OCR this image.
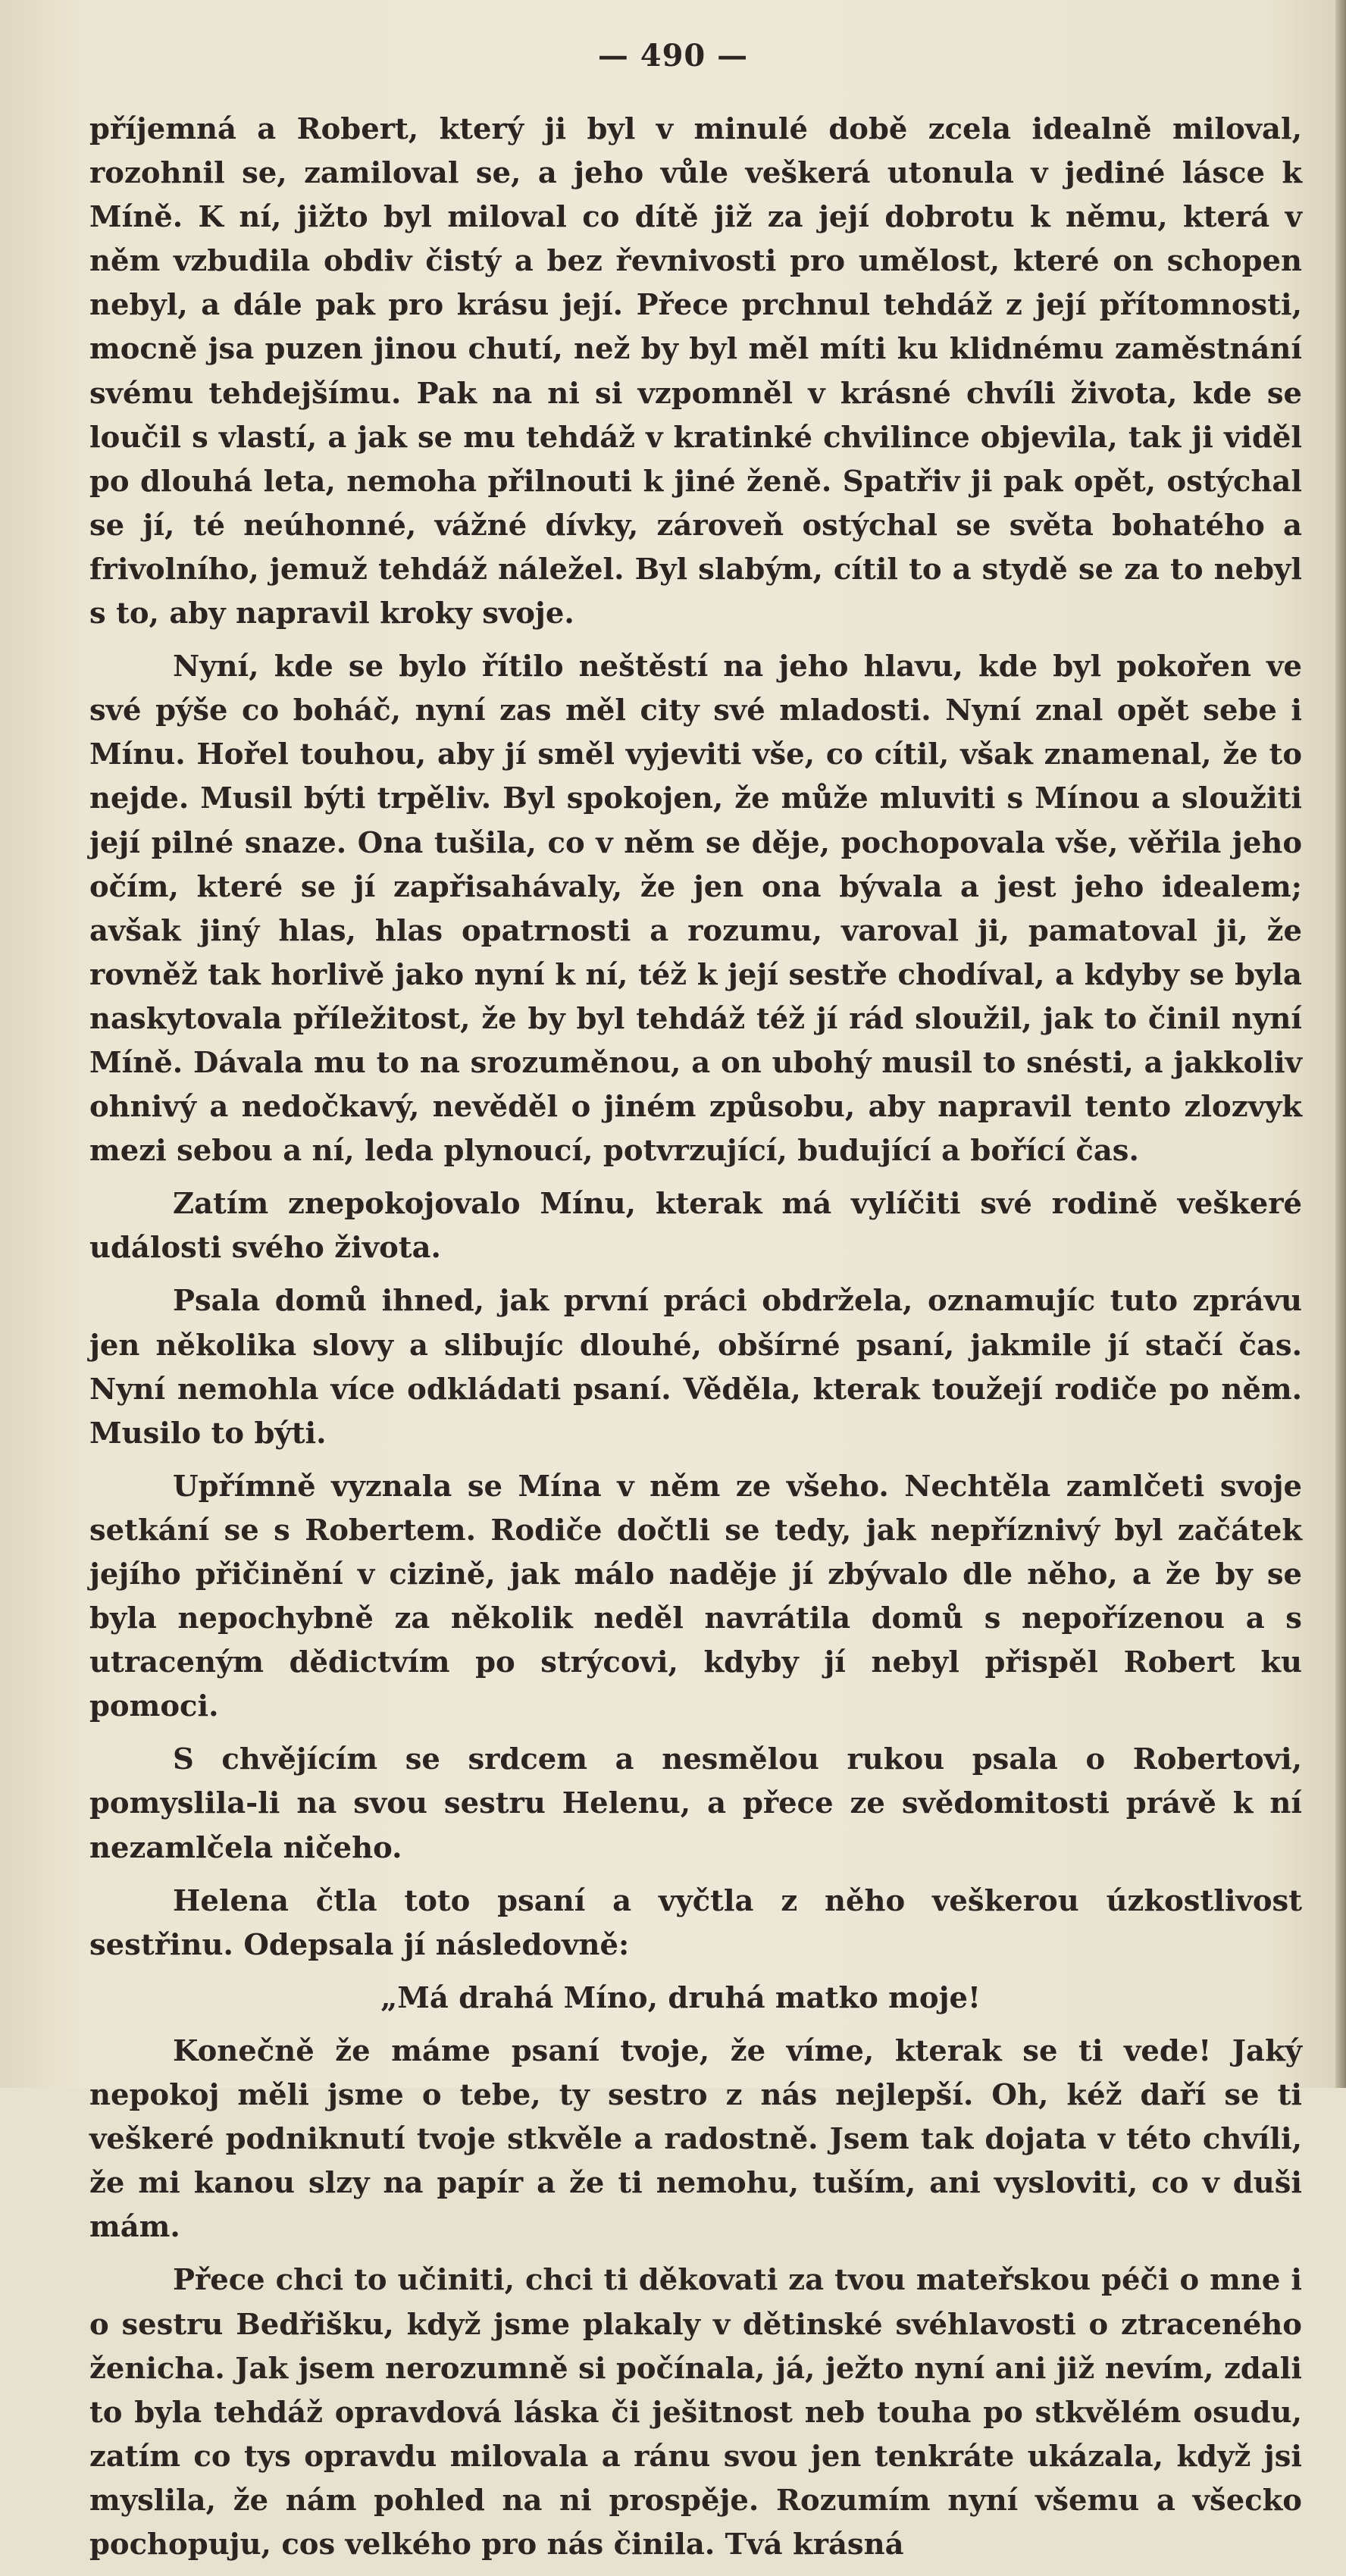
— 490 —

příjemná a Robert, který ji byl v minulé době zcela idealně miloval, rozohnil se, zamiloval se, a jeho vůle veškerá utonula v jediné lásce k Míně. K ní, jižto byl miloval co dítě již za její dobrotu k němu, která v něm vzbudila obdiv čistý a bez řevnivosti pro umělost, které on schopen nebyl, a dále pak pro krásu její. Přece prchnul tehdáž z její přítomnosti, mocně jsa puzen jinou chutí, než by byl měl míti ku klidnému zaměstnání svému tehdejšímu. Pak na ni si vzpomněl v krásné chvíli života, kde se loučil s vlastí, a jak se mu tehdáž v kratinké chvilince objevila, tak ji viděl po dlouhá leta, nemoha přilnouti k jiné ženě. Spatřiv ji pak opět, ostýchal se jí, té neúhonné, vážné dívky, zároveň ostýchal se světa bohatého a frivolního, jemuž tehdáž náležel. Byl slabým, cítil to a stydě se za to nebyl s to, aby napravil kroky svoje.

Nyní, kde se bylo řítilo neštěstí na jeho hlavu, kde byl pokořen ve své pýše co boháč, nyní zas měl city své mladosti. Nyní znal opět sebe i Mínu. Hořel touhou, aby jí směl vyjeviti vše, co cítil, však znamenal, že to nejde. Musil býti trpěliv. Byl spokojen, že může mluviti s Mínou a sloužiti její pilné snaze. Ona tušila, co v něm se děje, pochopovala vše, věřila jeho očím, které se jí zapřisahávaly, že jen ona bývala a jest jeho idealem; avšak jiný hlas, hlas opatrnosti a rozumu, varoval ji, pamatoval ji, že rovněž tak horlivě jako nyní k ní, též k její sestře chodíval, a kdyby se byla naskytovala příležitost, že by byl tehdáž též jí rád sloužil, jak to činil nyní Míně. Dávala mu to na srozuměnou, a on ubohý musil to snésti, a jakkoliv ohnivý a nedočkavý, nevěděl o jiném způsobu, aby napravil tento zlozvyk mezi sebou a ní, leda plynoucí, potvrzující, budující a bořící čas.

Zatím znepokojovalo Mínu, kterak má vylíčiti své rodině veškeré události svého života.

Psala domů ihned, jak první práci obdržela, oznamujíc tuto zprávu jen několika slovy a slibujíc dlouhé, obšírné psaní, jakmile jí stačí čas. Nyní nemohla více odkládati psaní. Věděla, kterak toužejí rodiče po něm. Musilo to býti.

Upřímně vyznala se Mína v něm ze všeho. Nechtěla zamlčeti svoje setkání se s Robertem. Rodiče dočtli se tedy, jak nepříznivý byl začátek jejího přičinění v cizině, jak málo naděje jí zbývalo dle něho, a že by se byla nepochybně za několik neděl navrátila domů s nepořízenou a s utraceným dědictvím po strýcovi, kdyby jí nebyl přispěl Robert ku pomoci.

S chvějícím se srdcem a nesmělou rukou psala o Robertovi, pomyslila-li na svou sestru Helenu, a přece ze svědomitosti právě k ní nezamlčela ničeho.

Helena čtla toto psaní a vyčtla z něho veškerou úzkostlivost sestřinu. Odepsala jí následovně:

„Má drahá Míno, druhá matko moje!

Konečně že máme psaní tvoje, že víme, kterak se ti vede! Jaký nepokoj měli jsme o tebe, ty sestro z nás nejlepší. Oh, kéž daří se ti veškeré podniknutí tvoje stkvěle a radostně. Jsem tak dojata v této chvíli, že mi kanou slzy na papír a že ti nemohu, tuším, ani vysloviti, co v duši mám.

Přece chci to učiniti, chci ti děkovati za tvou mateřskou péči o mne i o sestru Bedřišku, když jsme plakaly v dětinské svéhlavosti o ztraceného ženicha. Jak jsem nerozumně si počínala, já, ježto nyní ani již nevím, zdali to byla tehdáž opravdová láska či ješitnost neb touha po stkvělém osudu, zatím co tys opravdu milovala a ránu svou jen tenkráte ukázala, když jsi myslila, že nám pohled na ni prospěje. Rozumím nyní všemu a všecko pochopuju, cos velkého pro nás činila. Tvá krásná
